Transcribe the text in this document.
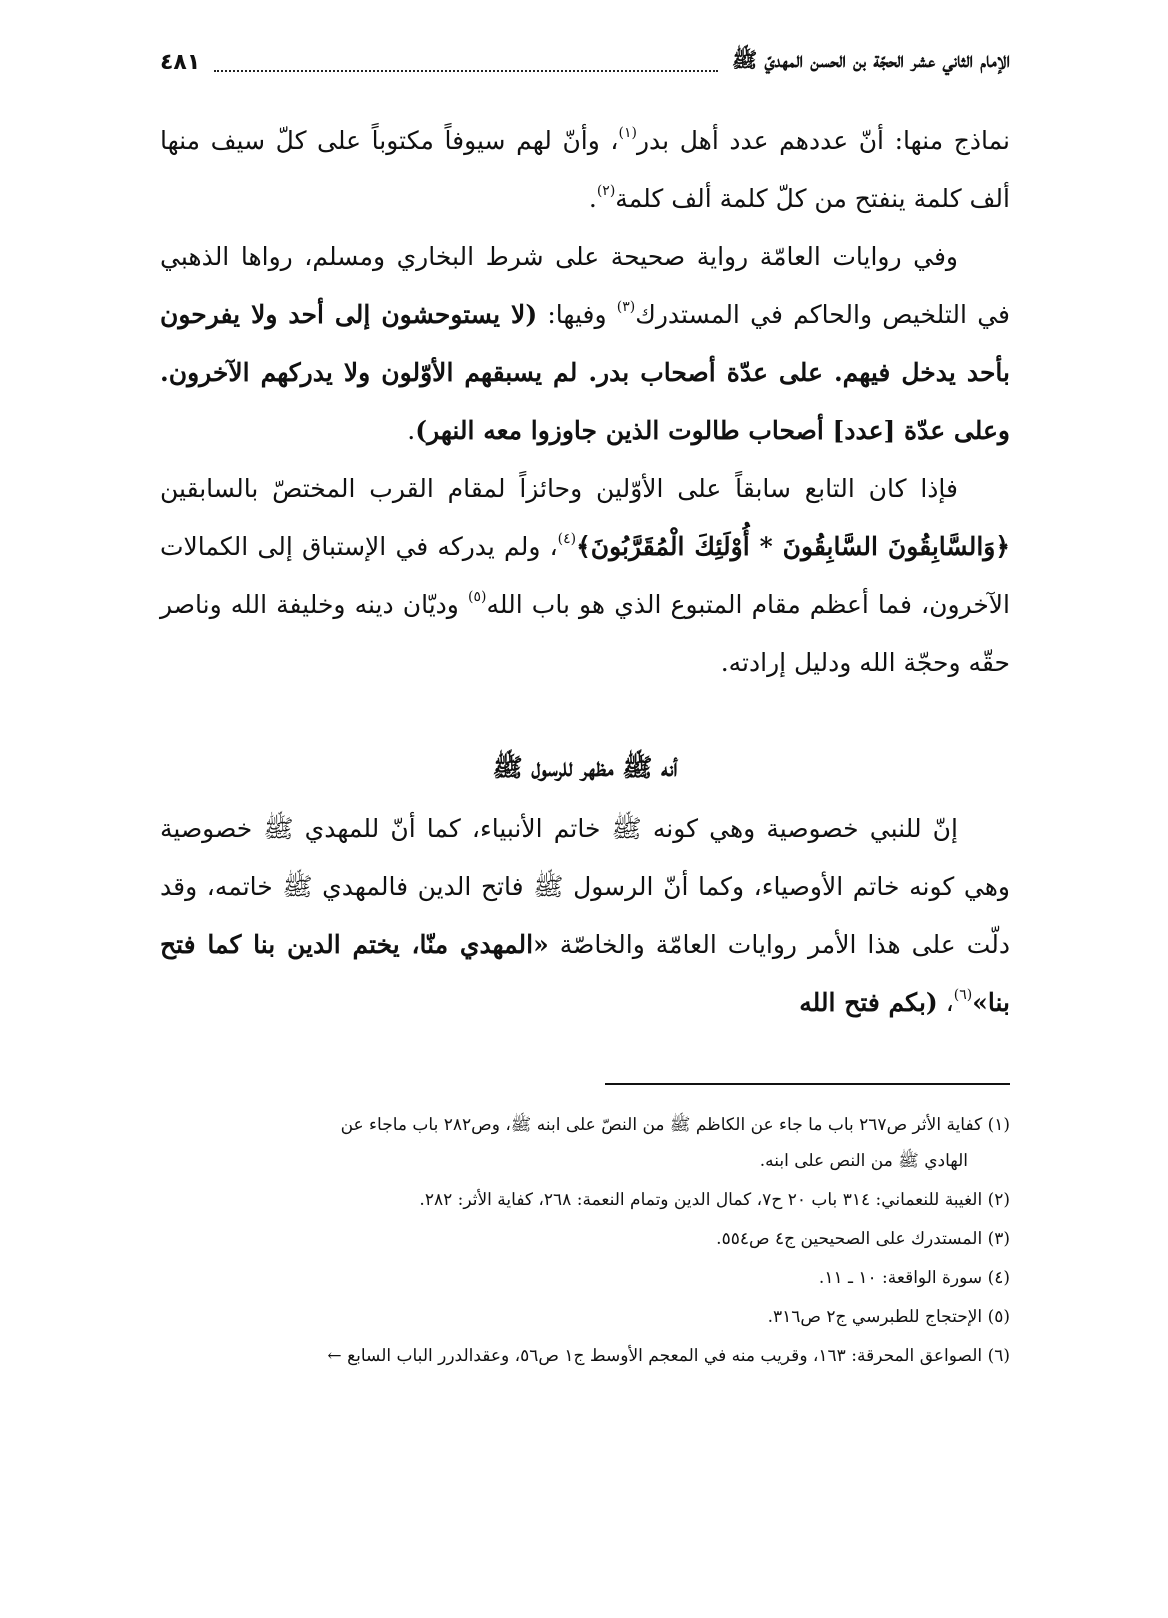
الإمام الثاني عشر الحجّة بن الحسن المهديّ ﷺ
٤٨١

نماذج منها: أنّ عددهم عدد أهل بدر$^{(١)}$، وأنّ لهم سيوفاً مكتوباً على كلّ سيف منها ألف كلمة ينفتح من كلّ كلمة ألف كلمة$^{(٢)}$.

وفي روايات العامّة رواية صحيحة على شرط البخاري ومسلم، رواها الذهبي في التلخيص والحاكم في المستدرك$^{(٣)}$ وفيها: (لا يستوحشون إلى أحد ولا يفرحون بأحد يدخل فيهم. على عدّة أصحاب بدر. لم يسبقهم الأوّلون ولا يدركهم الآخرون. وعلى عدّة [عدد] أصحاب طالوت الذين جاوزوا معه النهر).

فإذا كان التابع سابقاً على الأوّلين وحائزاً لمقام القرب المختصّ بالسابقين ﴿وَالسَّابِقُونَ السَّابِقُونَ * أُوْلَئِكَ الْمُقَرَّبُونَ﴾$^{(٤)}$، ولم يدركه في الإستباق إلى الكمالات الآخرون، فما أعظم مقام المتبوع الذي هو باب الله$^{(٥)}$ وديّان دينه وخليفة الله وناصر حقّه وحجّة الله ودليل إرادته.

أنه ﷺ مظهر للرسول ﷺ

إنّ للنبي خصوصية وهي كونه ﷺ خاتم الأنبياء، كما أنّ للمهدي ﷺ خصوصية وهي كونه خاتم الأوصياء، وكما أنّ الرسول ﷺ فاتح الدين فالمهدي ﷺ خاتمه، وقد دلّت على هذا الأمر روايات العامّة والخاصّة «المهدي منّا، يختم الدين بنا كما فتح بنا»$^{(٦)}$، (بكم فتح الله

(١) كفاية الأثر ص٢٦٧ باب ما جاء عن الكاظم ﷺ من النصّ على ابنه ﷺ، وص٢٨٢ باب ماجاء عن
الهادي ﷺ من النص على ابنه.
(٢) الغيبة للنعماني: ٣١٤ باب ٢٠ ح٧، كمال الدين وتمام النعمة: ٢٦٨، كفاية الأثر: ٢٨٢.
(٣) المستدرك على الصحيحين ج٤ ص٥٥٤.
(٤) سورة الواقعة: ١٠ ـ ١١.
(٥) الإحتجاج للطبرسي ج٢ ص٣١٦.
(٦) الصواعق المحرقة: ١٦٣، وقريب منه في المعجم الأوسط ج١ ص٥٦، وعقدالدرر الباب السابع ←
